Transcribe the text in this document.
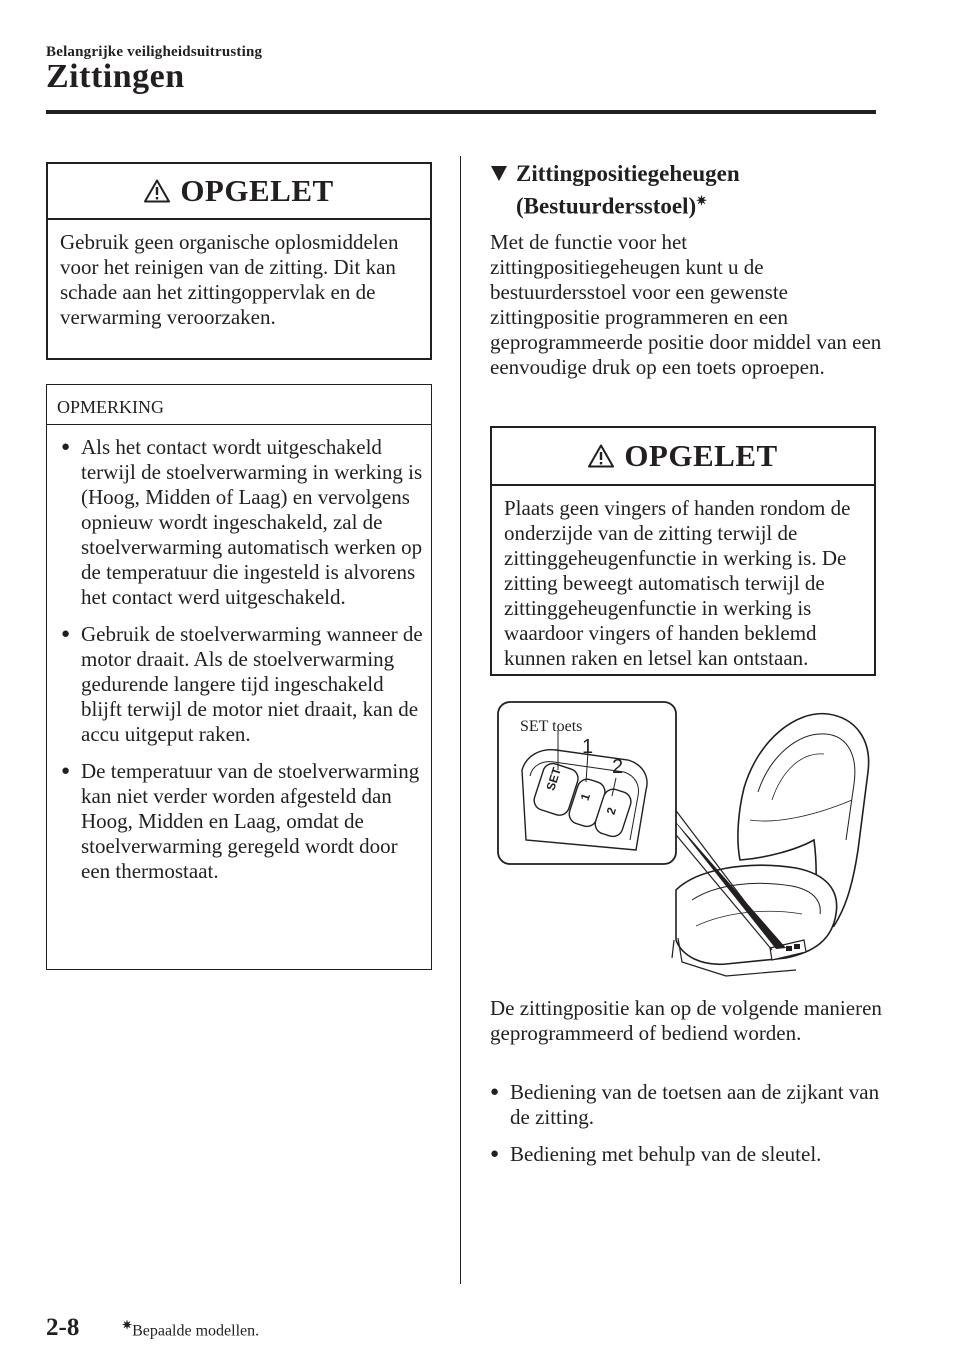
Belangrijke veiligheidsuitrusting
Zittingen
OPGELET
Gebruik geen organische oplosmiddelen voor het reinigen van de zitting. Dit kan schade aan het zittingoppervlak en de verwarming veroorzaken.
OPMERKING
● Als het contact wordt uitgeschakeld terwijl de stoelverwarming in werking is (Hoog, Midden of Laag) en vervolgens opnieuw wordt ingeschakeld, zal de stoelverwarming automatisch werken op de temperatuur die ingesteld is alvorens het contact werd uitgeschakeld.
● Gebruik de stoelverwarming wanneer de motor draait. Als de stoelverwarming gedurende langere tijd ingeschakeld blijft terwijl de motor niet draait, kan de accu uitgeput raken.
● De temperatuur van de stoelverwarming kan niet verder worden afgesteld dan Hoog, Midden en Laag, omdat de stoelverwarming geregeld wordt door een thermostaat.
Zittingpositiegeheugen
(Bestuurdersstoel)✷
Met de functie voor het zittingpositiegeheugen kunt u de bestuurdersstoel voor een gewenste zittingpositie programmeren en een geprogrammeerde positie door middel van een eenvoudige druk op een toets oproepen.
OPGELET
Plaats geen vingers of handen rondom de onderzijde van de zitting terwijl de zittinggeheugenfunctie in werking is. De zitting beweegt automatisch terwijl de zittinggeheugenfunctie in werking is waardoor vingers of handen beklemd kunnen raken en letsel kan ontstaan.
SET toets
1
2
SET
1
2
De zittingpositie kan op de volgende manieren geprogrammeerd of bediend worden.
● Bediening van de toetsen aan de zijkant van de zitting.
● Bediening met behulp van de sleutel.
2-8	✷Bepaalde modellen.
